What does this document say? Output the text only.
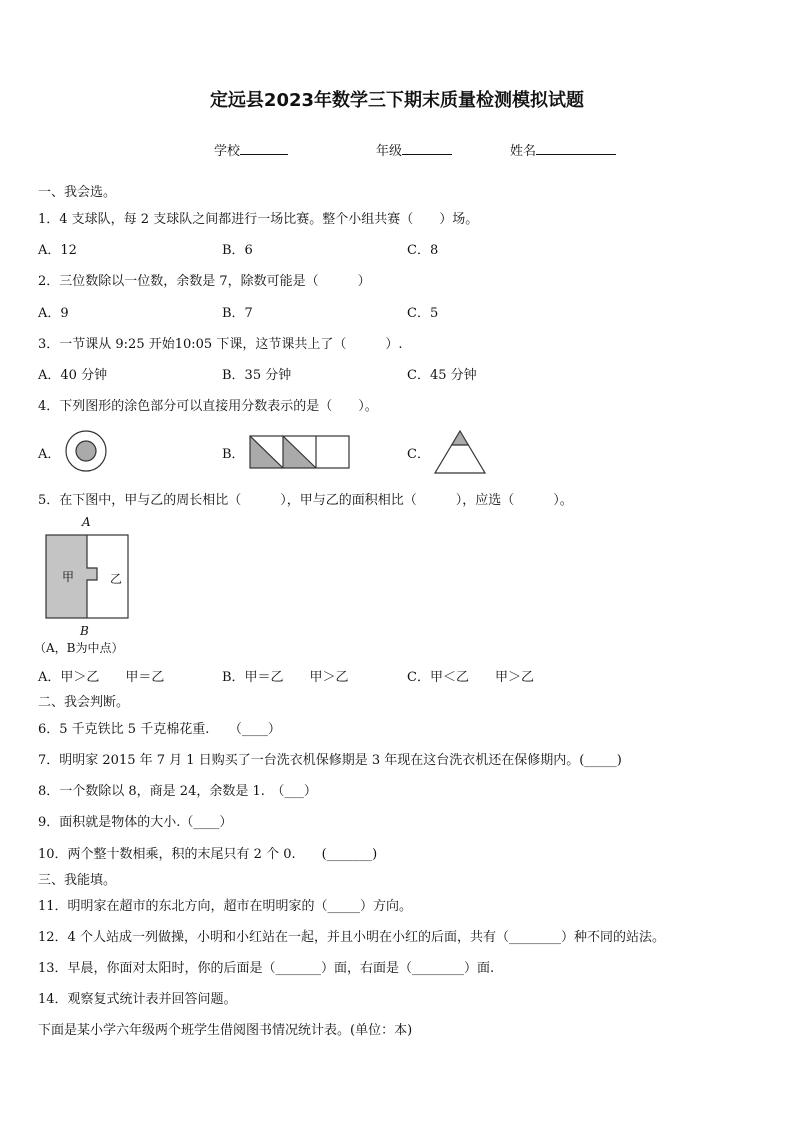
定远县2023年数学三下期末质量检测模拟试题
学校	年级	姓名
一、我会选。
1．4 支球队，每 2 支球队之间都进行一场比赛。整个小组共赛（　　）场。
A．12	B．6	C．8
2．三位数除以一位数，余数是 7，除数可能是（　　　）
A．9	B．7	C．5
3．一节课从 9:25 开始10:05 下课，这节课共上了（　　　）.
A．40 分钟	B．35 分钟	C．45 分钟
4．下列图形的涂色部分可以直接用分数表示的是（　　）。
A．	B．	C．
5．在下图中，甲与乙的周长相比（　　　），甲与乙的面积相比（　　　），应选（　　　）。
A
甲	乙
B
（A，B为中点）
A．甲＞乙　　甲＝乙	B．甲＝乙　　甲＞乙	C．甲＜乙　　甲＞乙
二、我会判断。
6．5 千克铁比 5 千克棉花重.　　（____）
7．明明家 2015 年 7 月 1 日购买了一台洗衣机保修期是 3 年现在这台洗衣机还在保修期内。(_____)
8．一个数除以 8，商是 24，余数是 1.　（___）
9．面积就是物体的大小.（____）
10．两个整十数相乘，积的末尾只有 2 个 0.　　(_______)
三、我能填。
11．明明家在超市的东北方向，超市在明明家的（_____）方向。
12．4 个人站成一列做操，小明和小红站在一起，并且小明在小红的后面，共有（________）种不同的站法。
13．早晨，你面对太阳时，你的后面是（_______）面，右面是（________）面.
14．观察复式统计表并回答问题。
下面是某小学六年级两个班学生借阅图书情况统计表。(单位：本)
